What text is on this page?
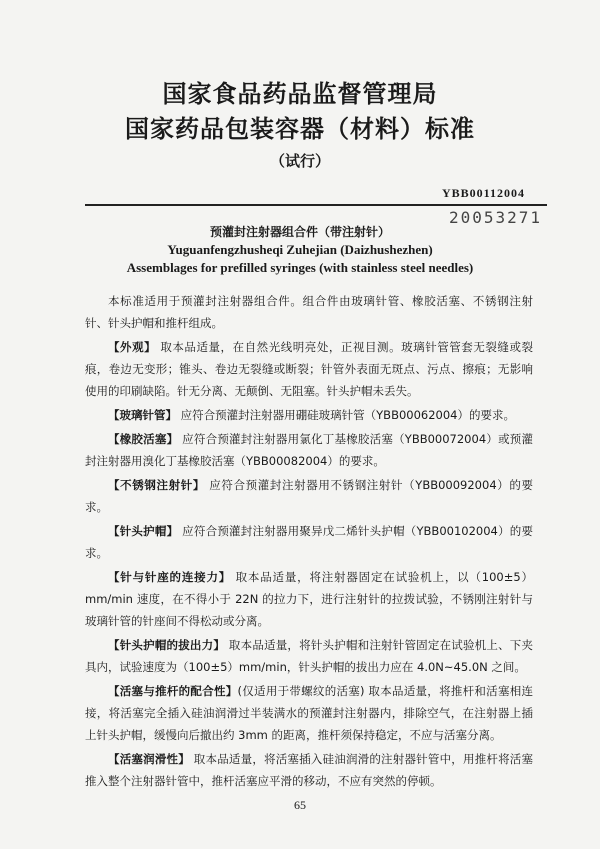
国家食品药品监督管理局
国家药品包装容器（材料）标准
（试行）
YBB00112004
20053271
预灌封注射器组合件（带注射针）
Yuguanfengzhusheqi Zuhejian (Daizhushezhen)
Assemblages for prefilled syringes (with stainless steel needles)

本标准适用于预灌封注射器组合件。组合件由玻璃针管、橡胶活塞、不锈钢注射针、针头护帽和推杆组成。

【外观】 取本品适量，在自然光线明亮处，正视目测。玻璃针管管套无裂缝或裂痕，卷边无变形；锥头、卷边无裂缝或断裂；针管外表面无斑点、污点、擦痕；无影响使用的印刷缺陷。针无分离、无颠倒、无阻塞。针头护帽未丢失。

【玻璃针管】 应符合预灌封注射器用硼硅玻璃针管（YBB00062004）的要求。

【橡胶活塞】 应符合预灌封注射器用氯化丁基橡胶活塞（YBB00072004）或预灌封注射器用溴化丁基橡胶活塞（YBB00082004）的要求。

【不锈钢注射针】 应符合预灌封注射器用不锈钢注射针（YBB00092004）的要求。

【针头护帽】 应符合预灌封注射器用聚异戊二烯针头护帽（YBB00102004）的要求。

【针与针座的连接力】 取本品适量，将注射器固定在试验机上，以（100±5）mm/min 速度，在不得小于 22N 的拉力下，进行注射针的拉拨试验，不锈刚注射针与玻璃针管的针座间不得松动或分离。

【针头护帽的拔出力】 取本品适量，将针头护帽和注射针管固定在试验机上、下夹具内，试验速度为（100±5）mm/min，针头护帽的拔出力应在 4.0N~45.0N 之间。

【活塞与推杆的配合性】(仅适用于带螺纹的活塞) 取本品适量，将推杆和活塞相连接，将活塞完全插入硅油润滑过半装满水的预灌封注射器内，排除空气，在注射器上插上针头护帽，缓慢向后撤出约 3mm 的距离，推杆须保持稳定，不应与活塞分离。

【活塞润滑性】 取本品适量，将活塞插入硅油润滑的注射器针管中，用推杆将活塞推入整个注射器针管中，推杆活塞应平滑的移动，不应有突然的停顿。

65
